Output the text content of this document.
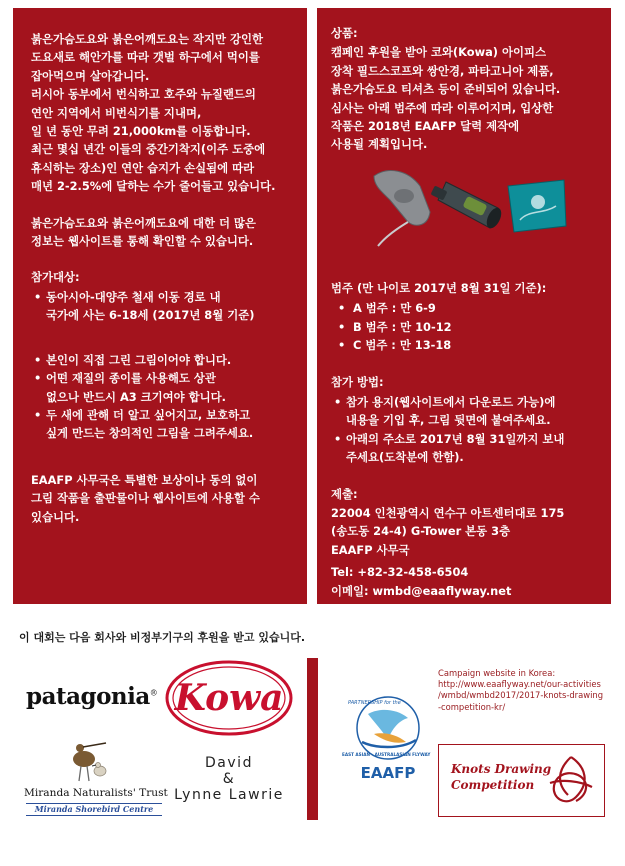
붉은가슴도요와 붉은어깨도요는 작지만 강인한
도요새로 해안가를 따라 갯벌 하구에서 먹이를
잡아먹으며 살아갑니다.
러시아 동부에서 번식하고 호주와 뉴질랜드의
연안 지역에서 비번식기를 지내며,
일 년 동안 무려 21,000km를 이동합니다.
최근 몇십 년간 이들의 중간기착지(이주 도중에
휴식하는 장소)인 연안 습지가 손실됨에 따라
매년 2-2.5%에 달하는 수가 줄어들고 있습니다.
붉은가슴도요와 붉은어깨도요에 대한 더 많은
정보는 웹사이트를 통해 확인할 수 있습니다.
참가대상:
• 동아시아-대양주 철새 이동 경로 내
국가에 사는 6-18세 (2017년 8월 기준)
• 본인이 직접 그린 그림이어야 합니다.
• 어떤 재질의 종이를 사용해도 상관
없으나 반드시 A3 크기여야 합니다.
• 두 새에 관해 더 알고 싶어지고, 보호하고
싶게 만드는 창의적인 그림을 그려주세요.
EAAFP 사무국은 특별한 보상이나 동의 없이
그림 작품을 출판물이나 웹사이트에 사용할 수
있습니다.
상품:
캠페인 후원을 받아 코와(Kowa) 아이피스
장착 필드스코프와 쌍안경, 파타고니아 제품,
붉은가슴도요 티셔츠 등이 준비되어 있습니다.
심사는 아래 범주에 따라 이루어지며, 입상한
작품은 2018년 EAAFP 달력 제작에
사용될 계획입니다.
범주 (만 나이로 2017년 8월 31일 기준):
• A 범주 : 만 6-9
• B 범주 : 만 10-12
• C 범주 : 만 13-18
참가 방법:
• 참가 용지(웹사이트에서 다운로드 가능)에
내용을 기입 후, 그림 뒷면에 붙여주세요.
• 아래의 주소로 2017년 8월 31일까지 보내
주세요(도착분에 한함).
제출:
22004 인천광역시 연수구 아트센터대로 175
(송도동 24-4) G-Tower 본동 3층
EAAFP 사무국
Tel: +82-32-458-6504
이메일: wmbd@eaaflyway.net
이 대회는 다음 회사와 비정부기구의 후원을 받고 있습니다.
patagonia® Kowa
Miranda Naturalists' Trust
Miranda Shorebird Centre
David
&
Lynne Lawrie
PARTNERSHIP for the
EAST ASIAN - AUSTRALASIAN FLYWAY
EAAFP
Campaign website in Korea:
http://www.eaaflyway.net/our-activities
/wmbd/wmbd2017/2017-knots-drawing
-competition-kr/
Knots Drawing
Competition
